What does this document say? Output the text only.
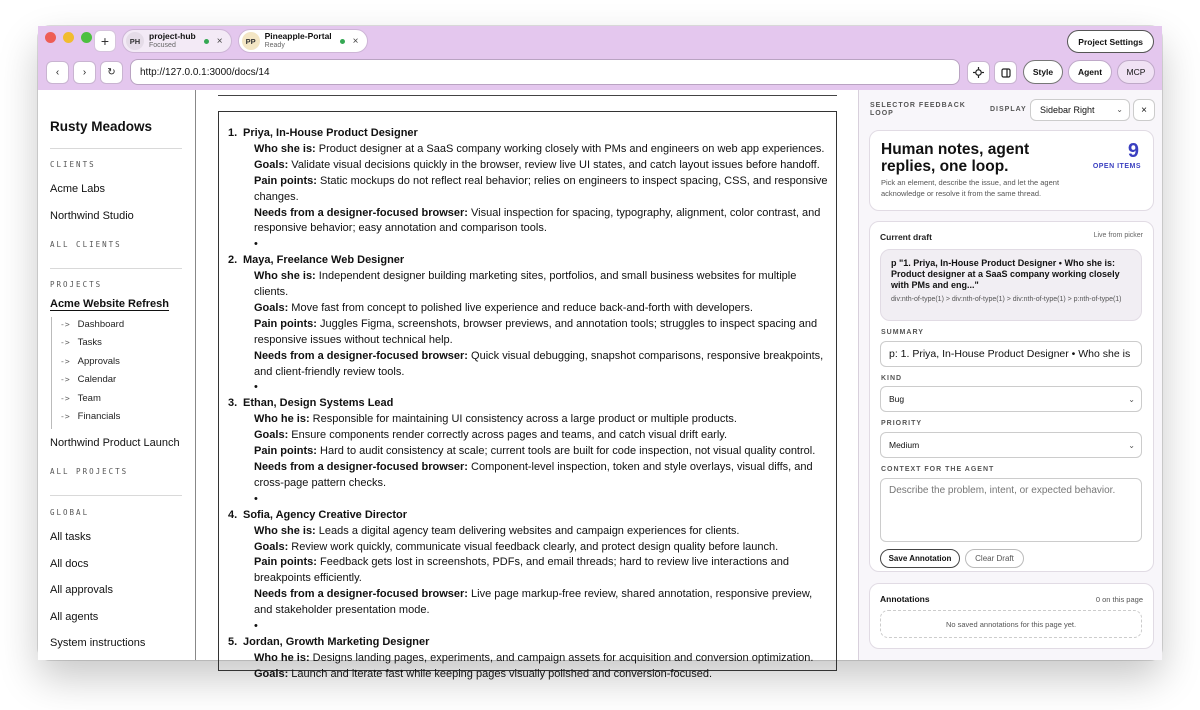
+	PH	project-hub
Focused	×	PP	Pineapple-Portal
Ready	×	Project Settings
‹	›	↻	http://127.0.0.1:3000/docs/14	Style	Agent	MCP
Rusty Meadows
CLIENTS
Acme Labs
Northwind Studio
ALL CLIENTS
PROJECTS
Acme Website Refresh
-> Dashboard
-> Tasks
-> Approvals
-> Calendar
-> Team
-> Financials
Northwind Product Launch
ALL PROJECTS
GLOBAL
All tasks
All docs
All approvals
All agents
System instructions
1. Priya, In-House Product Designer
Who she is: Product designer at a SaaS company working closely with PMs and engineers on web app experiences.
Goals: Validate visual decisions quickly in the browser, review live UI states, and catch layout issues before handoff.
Pain points: Static mockups do not reflect real behavior; relies on engineers to inspect spacing, CSS, and responsive changes.
Needs from a designer-focused browser: Visual inspection for spacing, typography, alignment, color contrast, and responsive behavior; easy annotation and comparison tools.
•
2. Maya, Freelance Web Designer
Who she is: Independent designer building marketing sites, portfolios, and small business websites for multiple clients.
Goals: Move fast from concept to polished live experience and reduce back-and-forth with developers.
Pain points: Juggles Figma, screenshots, browser previews, and annotation tools; struggles to inspect spacing and responsive issues without technical help.
Needs from a designer-focused browser: Quick visual debugging, snapshot comparisons, responsive breakpoints, and client-friendly review tools.
•
3. Ethan, Design Systems Lead
Who he is: Responsible for maintaining UI consistency across a large product or multiple products.
Goals: Ensure components render correctly across pages and teams, and catch visual drift early.
Pain points: Hard to audit consistency at scale; current tools are built for code inspection, not visual quality control.
Needs from a designer-focused browser: Component-level inspection, token and style overlays, visual diffs, and cross-page pattern checks.
•
4. Sofia, Agency Creative Director
Who she is: Leads a digital agency team delivering websites and campaign experiences for clients.
Goals: Review work quickly, communicate visual feedback clearly, and protect design quality before launch.
Pain points: Feedback gets lost in screenshots, PDFs, and email threads; hard to review live interactions and breakpoints efficiently.
Needs from a designer-focused browser: Live page markup-free review, shared annotation, responsive preview, and stakeholder presentation mode.
•
5. Jordan, Growth Marketing Designer
Who he is: Designs landing pages, experiments, and campaign assets for acquisition and conversion optimization.
Goals: Launch and iterate fast while keeping pages visually polished and conversion-focused.
SELECTOR FEEDBACK LOOP
DISPLAY Sidebar Right	⌄	×
Human notes, agent replies, one loop.
9
OPEN ITEMS
Pick an element, describe the issue, and let the agent acknowledge or resolve it from the same thread.
Current draft	Live from picker
p "1. Priya, In-House Product Designer • Who she is: Product designer at a SaaS company working closely with PMs and eng..."
div:nth-of-type(1) > div:nth-of-type(1) > div:nth-of-type(1) > p:nth-of-type(1)
SUMMARY
p: 1. Priya, In-House Product Designer • Who she is
KIND
Bug	⌄
PRIORITY
Medium	⌄
CONTEXT FOR THE AGENT
Describe the problem, intent, or expected behavior.
Save Annotation	Clear Draft
Annotations	0 on this page
No saved annotations for this page yet.
